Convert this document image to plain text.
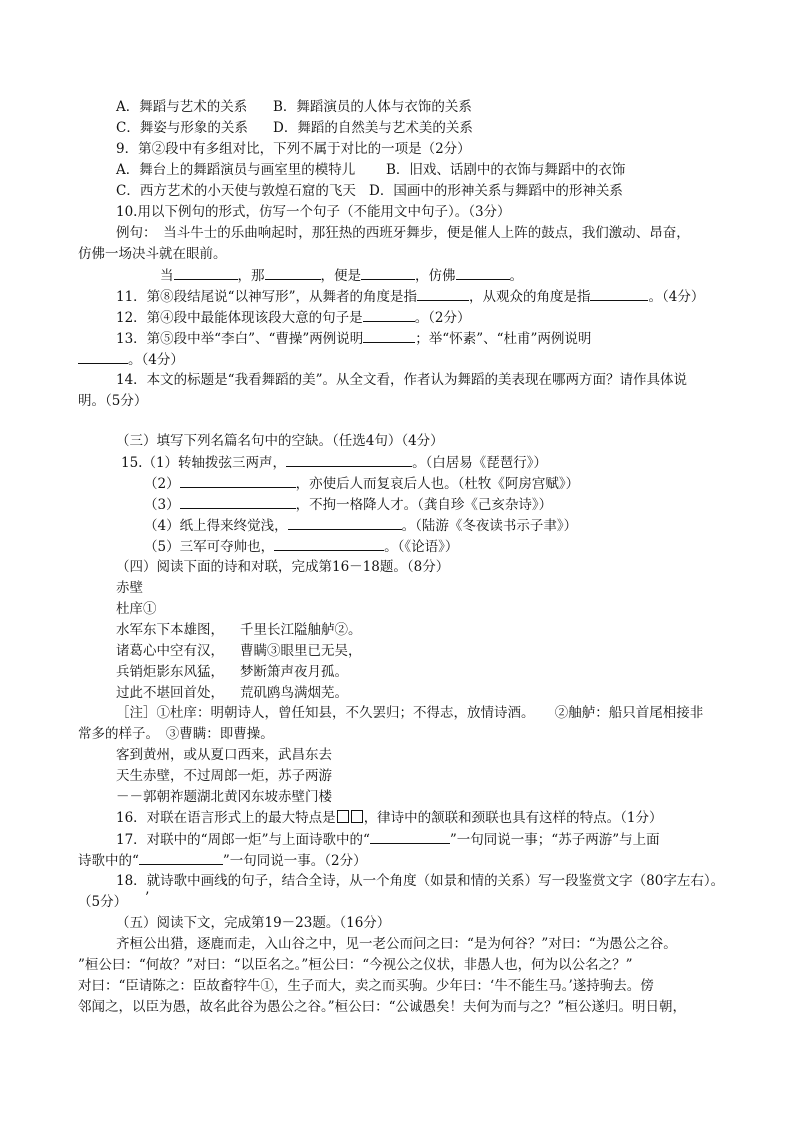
A．舞蹈与艺术的关系 B．舞蹈演员的人体与衣饰的关系
C．舞姿与形象的关系 D．舞蹈的自然美与艺术美的关系
9．第②段中有多组对比，下列不属于对比的一项是（2分）
A．舞台上的舞蹈演员与画室里的模特儿 B．旧戏、话剧中的衣饰与舞蹈中的衣饰
C．西方艺术的小天使与敦煌石窟的飞天 D．国画中的形神关系与舞蹈中的形神关系
10.用以下例句的形式，仿写一个句子（不能用文中句子）。（3分）
例句：　当斗牛士的乐曲响起时，那狂热的西班牙舞步，便是催人上阵的鼓点，我们激动、昂奋，
仿佛一场决斗就在眼前。
当	，那	，便是	，仿佛	。
11．第⑧段结尾说“以神写形”，从舞者的角度是指	，从观众的角度是指	。（4分）
12．第④段中最能体现该段大意的句子是	。（2分）
13．第⑤段中举“李白”、“曹操”两例说明	；举“怀素”、“杜甫”两例说明
。（4分）
14．本文的标题是“我看舞蹈的美”。从全文看，作者认为舞蹈的美表现在哪两方面？请作具体说
明。（5分）
（三）填写下列名篇名句中的空缺。（任选4句）（4分）
15.（1）转轴拨弦三两声，	。（白居易《琵琶行》）
（2）	，亦使后人而复哀后人也。（杜牧《阿房宫赋》）
（3）	，不拘一格降人才。（龚自珍《己亥杂诗》）
（4）纸上得来终觉浅，	。（陆游《冬夜读书示子聿》）
（5）三军可夺帅也，	。（《论语》）
（四）阅读下面的诗和对联，完成第16－18题。（8分）
赤壁
杜庠①
水军东下本雄图， 千里长江隘舳舻②。
诸葛心中空有汉， 曹瞒③眼里已无吴，
兵销炬影东风猛， 梦断箫声夜月孤。
过此不堪回首处， 荒矶鸥鸟满烟芜。
［注］①杜庠：明朝诗人，曾任知县，不久罢归；不得志，放情诗酒。　　②舳舻：船只首尾相接非
常多的样子。　③曹瞒：即曹操。
客到黄州，或从夏口西来，武昌东去
天生赤壁，不过周郎一炬，苏子两游
－－郭朝祚题湖北黄冈东坡赤壁门楼
16．对联在语言形式上的最大特点是 ，律诗中的颔联和颈联也具有这样的特点。（1分）
17．对联中的“周郎一炬”与上面诗歌中的“	”一句同说一事；“苏子两游”与上面
诗歌中的“	”一句同说一事。（2分）
18．就诗歌中画线的句子，结合全诗，从一个角度（如景和情的关系）写一段鉴赏文字（80字左右）。
（5分） ’
（五）阅读下文，完成第19－23题。（16分）
齐桓公出猎，逐鹿而走，入山谷之中，见一老公而问之曰：“是为何谷？”对曰：“为愚公之谷。
”桓公曰：“何故？”对曰：“以臣名之。”桓公曰：“今视公之仪状，非愚人也，何为以公名之？”
对曰：“臣请陈之：臣故畜牸牛①，生子而大，卖之而买驹。少年曰：‘牛不能生马。’遂持驹去。傍
邻闻之，以臣为愚，故名此谷为愚公之谷。”桓公曰：“公诚愚矣！夫何为而与之？”桓公遂归。明日朝，
